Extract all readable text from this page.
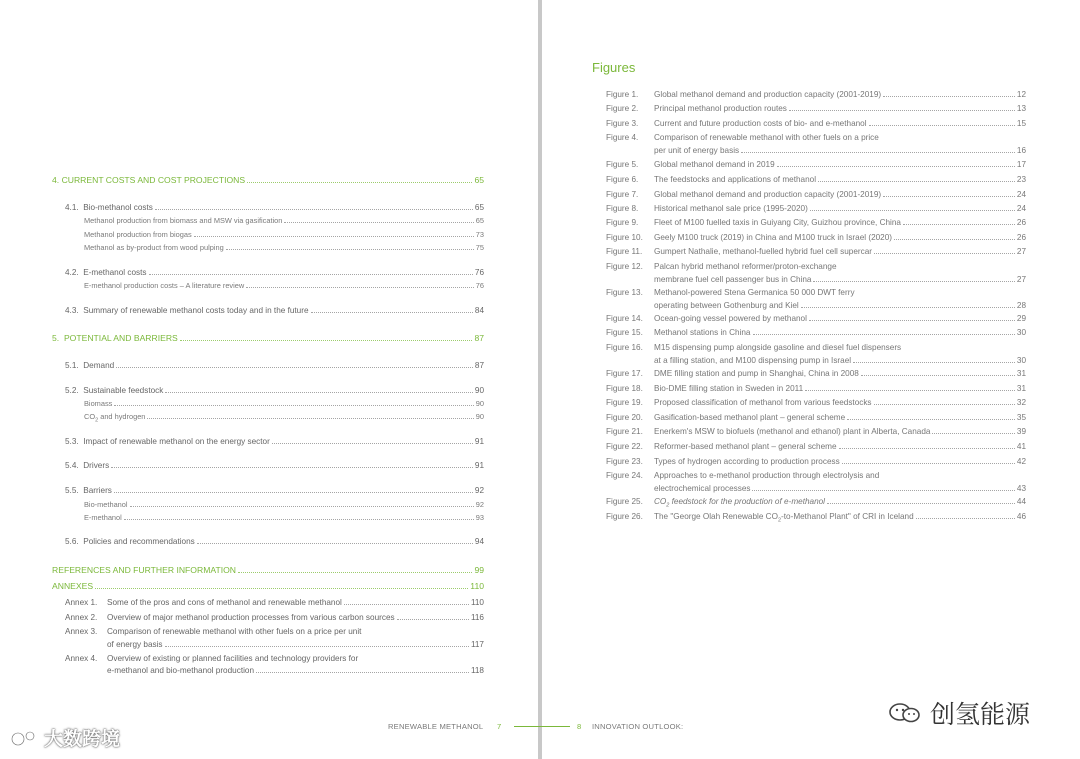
4. CURRENT COSTS AND COST PROJECTIONS	65
4.1. Bio-methanol costs	65
Methanol production from biomass and MSW via gasification	65
Methanol production from biogas	73
Methanol as by-product from wood pulping	75
4.2. E-methanol costs	76
E-methanol production costs – A literature review	76
4.3. Summary of renewable methanol costs today and in the future	84
5. POTENTIAL AND BARRIERS	87
5.1. Demand	87
5.2. Sustainable feedstock	90
Biomass	90
$CO_2$ and hydrogen	90
5.3. Impact of renewable methanol on the energy sector	91
5.4. Drivers	91
5.5. Barriers	92
Bio-methanol	92
E-methanol	93
5.6. Policies and recommendations	94
REFERENCES AND FURTHER INFORMATION	99
ANNEXES	110
Annex 1. Some of the pros and cons of methanol and renewable methanol	110
Annex 2. Overview of major methanol production processes from various carbon sources	116
Annex 3. Comparison of renewable methanol with other fuels on a price per unit
of energy basis	117
Annex 4. Overview of existing or planned facilities and technology providers for
e-methanol and bio-methanol production	118
Figures
Figure 1.	Global methanol demand and production capacity (2001-2019)	12
Figure 2.	Principal methanol production routes	13
Figure 3.	Current and future production costs of bio- and e-methanol	15
Figure 4.	Comparison of renewable methanol with other fuels on a price
per unit of energy basis	16
Figure 5.	Global methanol demand in 2019	17
Figure 6.	The feedstocks and applications of methanol	23
Figure 7.	Global methanol demand and production capacity (2001-2019)	24
Figure 8.	Historical methanol sale price (1995-2020)	24
Figure 9.	Fleet of M100 fuelled taxis in Guiyang City, Guizhou province, China	26
Figure 10.	Geely M100 truck (2019) in China and M100 truck in Israel (2020)	26
Figure 11.	Gumpert Nathalie, methanol-fuelled hybrid fuel cell supercar	27
Figure 12.	Palcan hybrid methanol reformer/proton-exchange
membrane fuel cell passenger bus in China	27
Figure 13.	Methanol-powered Stena Germanica 50 000 DWT ferry
operating between Gothenburg and Kiel	28
Figure 14.	Ocean-going vessel powered by methanol	29
Figure 15.	Methanol stations in China	30
Figure 16.	M15 dispensing pump alongside gasoline and diesel fuel dispensers
at a filling station, and M100 dispensing pump in Israel	30
Figure 17.	DME filling station and pump in Shanghai, China in 2008	31
Figure 18.	Bio-DME filling station in Sweden in 2011	31
Figure 19.	Proposed classification of methanol from various feedstocks	32
Figure 20.	Gasification-based methanol plant – general scheme	35
Figure 21.	Enerkem's MSW to biofuels (methanol and ethanol) plant in Alberta, Canada	39
Figure 22.	Reformer-based methanol plant – general scheme	41
Figure 23.	Types of hydrogen according to production process	42
Figure 24.	Approaches to e-methanol production through electrolysis and
electrochemical processes	43
Figure 25.	$CO_2$ feedstock for the production of e-methanol	44
Figure 26.	The "George Olah Renewable $CO_2-to$-Methanol Plant" of CRI in Iceland	46
RENEWABLE METHANOL 7	8 INNOVATION OUTLOOK:
大数跨境
创氢能源
